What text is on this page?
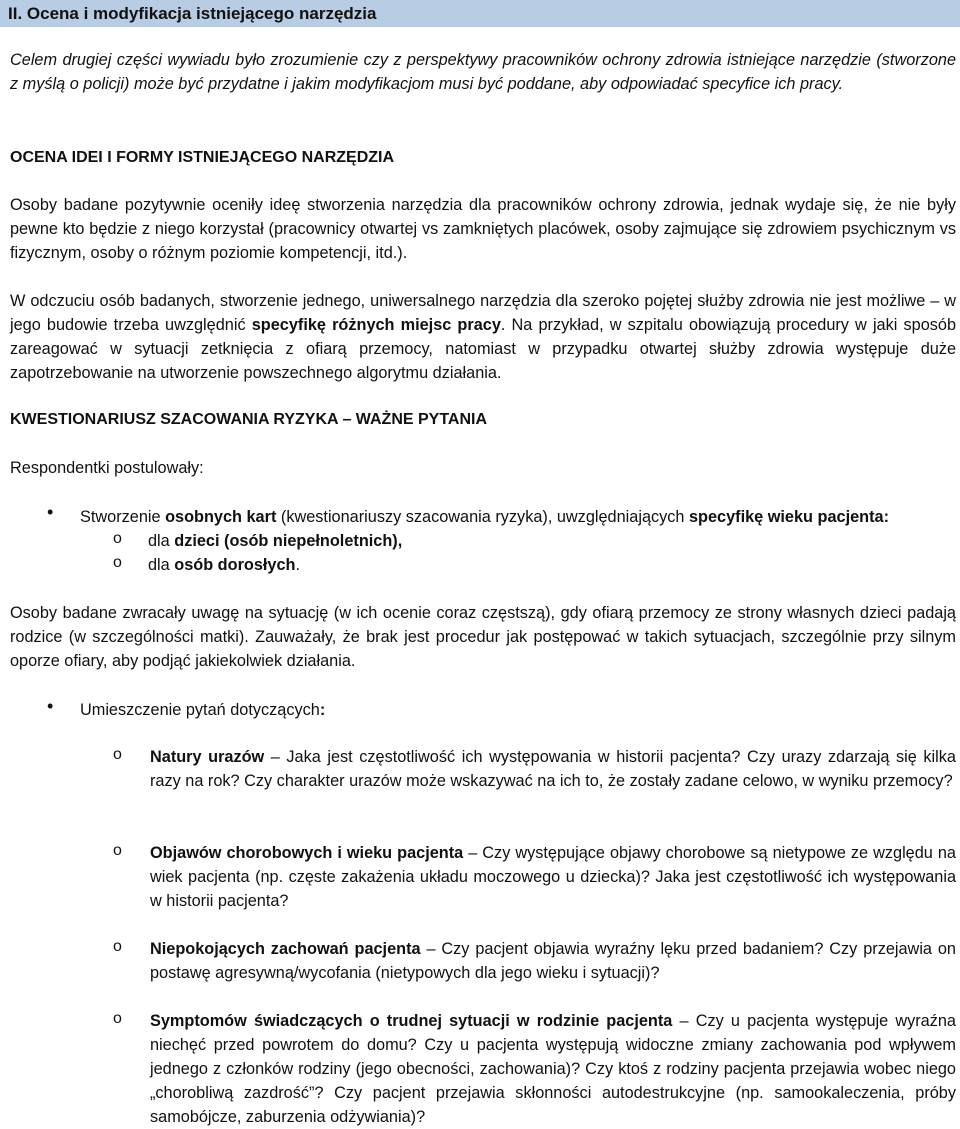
II. Ocena i modyfikacja istniejącego narzędzia

Celem drugiej części wywiadu było zrozumienie czy z perspektywy pracowników ochrony zdrowia istniejące narzędzie (stworzone z myślą o policji) może być przydatne i jakim modyfikacjom musi być poddane, aby odpowiadać specyfice ich pracy.

OCENA IDEI I FORMY ISTNIEJĄCEGO NARZĘDZIA

Osoby badane pozytywnie oceniły ideę stworzenia narzędzia dla pracowników ochrony zdrowia, jednak wydaje się, że nie były pewne kto będzie z niego korzystał (pracownicy otwartej vs zamkniętych placówek, osoby zajmujące się zdrowiem psychicznym vs fizycznym, osoby o różnym poziomie kompetencji, itd.).

W odczuciu osób badanych, stworzenie jednego, uniwersalnego narzędzia dla szeroko pojętej służby zdrowia nie jest możliwe – w jego budowie trzeba uwzględnić specyfikę różnych miejsc pracy. Na przykład, w szpitalu obowiązują procedury w jaki sposób zareagować w sytuacji zetknięcia z ofiarą przemocy, natomiast w przypadku otwartej służby zdrowia występuje duże zapotrzebowanie na utworzenie powszechnego algorytmu działania.

KWESTIONARIUSZ SZACOWANIA RYZYKA – WAŻNE PYTANIA

Respondentki postulowały:

• Stworzenie osobnych kart (kwestionariuszy szacowania ryzyka), uwzględniających specyfikę wieku pacjenta:
o dla dzieci (osób niepełnoletnich),
o dla osób dorosłych.

Osoby badane zwracały uwagę na sytuację (w ich ocenie coraz częstszą), gdy ofiarą przemocy ze strony własnych dzieci padają rodzice (w szczególności matki). Zauważały, że brak jest procedur jak postępować w takich sytuacjach, szczególnie przy silnym oporze ofiary, aby podjąć jakiekolwiek działania.

• Umieszczenie pytań dotyczących:
o Natury urazów – Jaka jest częstotliwość ich występowania w historii pacjenta? Czy urazy zdarzają się kilka razy na rok? Czy charakter urazów może wskazywać na ich to, że zostały zadane celowo, w wyniku przemocy?

o Objawów chorobowych i wieku pacjenta – Czy występujące objawy chorobowe są nietypowe ze względu na wiek pacjenta (np. częste zakażenia układu moczowego u dziecka)? Jaka jest częstotliwość ich występowania w historii pacjenta?

o Niepokojących zachowań pacjenta – Czy pacjent objawia wyraźny lęku przed badaniem? Czy przejawia on postawę agresywną/wycofania (nietypowych dla jego wieku i sytuacji)?

o Symptomów świadczących o trudnej sytuacji w rodzinie pacjenta – Czy u pacjenta występuje wyraźna niechęć przed powrotem do domu? Czy u pacjenta występują widoczne zmiany zachowania pod wpływem jednego z członków rodziny (jego obecności, zachowania)? Czy ktoś z rodziny pacjenta przejawia wobec niego „chorobliwą zazdrość”? Czy pacjent przejawia skłonności autodestrukcyjne (np. samookaleczenia, próby samobójcze, zaburzenia odżywiania)?
